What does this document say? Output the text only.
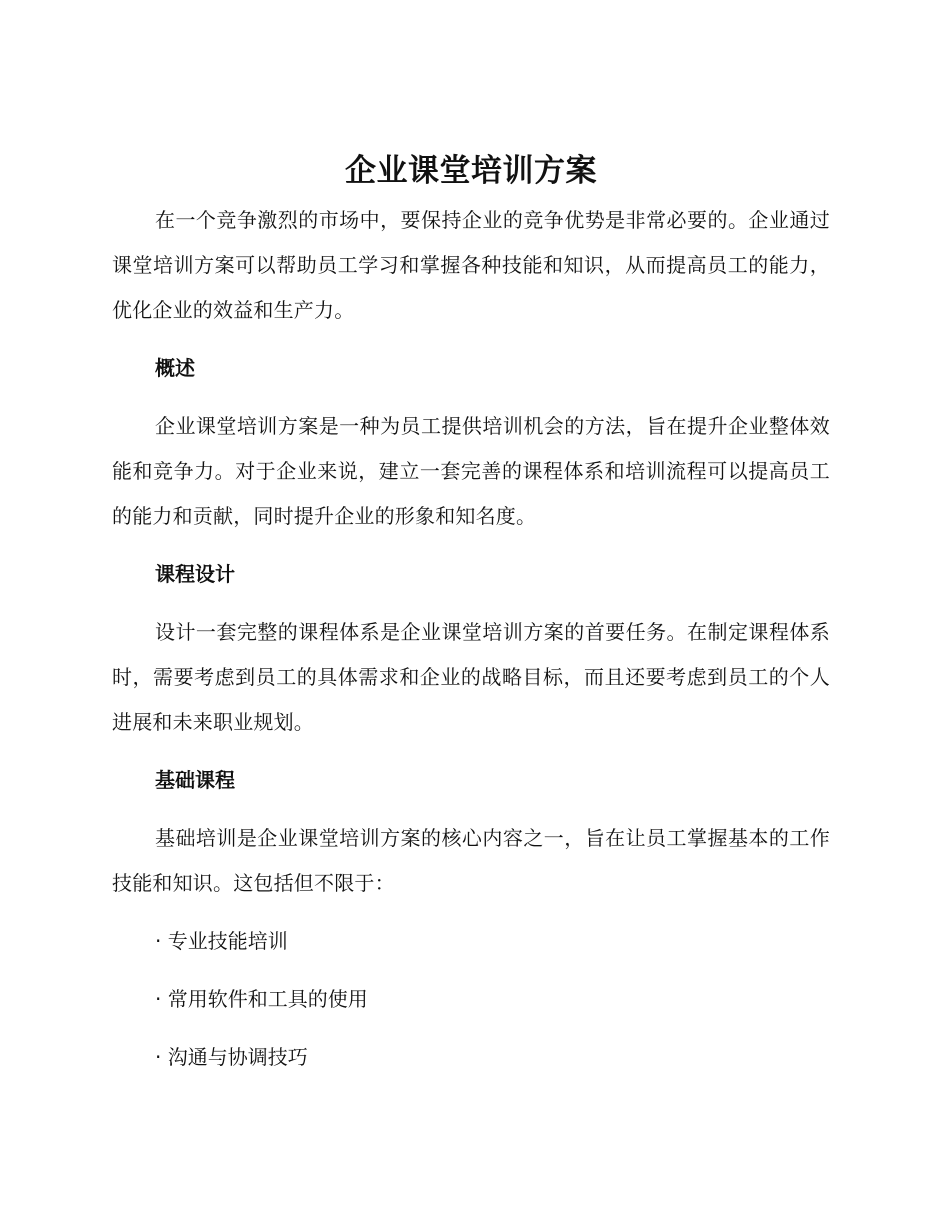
企业课堂培训方案

在一个竞争激烈的市场中，要保持企业的竞争优势是非常必要的。企业通过课堂培训方案可以帮助员工学习和掌握各种技能和知识，从而提高员工的能力，优化企业的效益和生产力。

概述

企业课堂培训方案是一种为员工提供培训机会的方法，旨在提升企业整体效能和竞争力。对于企业来说，建立一套完善的课程体系和培训流程可以提高员工的能力和贡献，同时提升企业的形象和知名度。

课程设计

设计一套完整的课程体系是企业课堂培训方案的首要任务。在制定课程体系时，需要考虑到员工的具体需求和企业的战略目标，而且还要考虑到员工的个人进展和未来职业规划。

基础课程

基础培训是企业课堂培训方案的核心内容之一，旨在让员工掌握基本的工作技能和知识。这包括但不限于：

· 专业技能培训
· 常用软件和工具的使用
· 沟通与协调技巧
